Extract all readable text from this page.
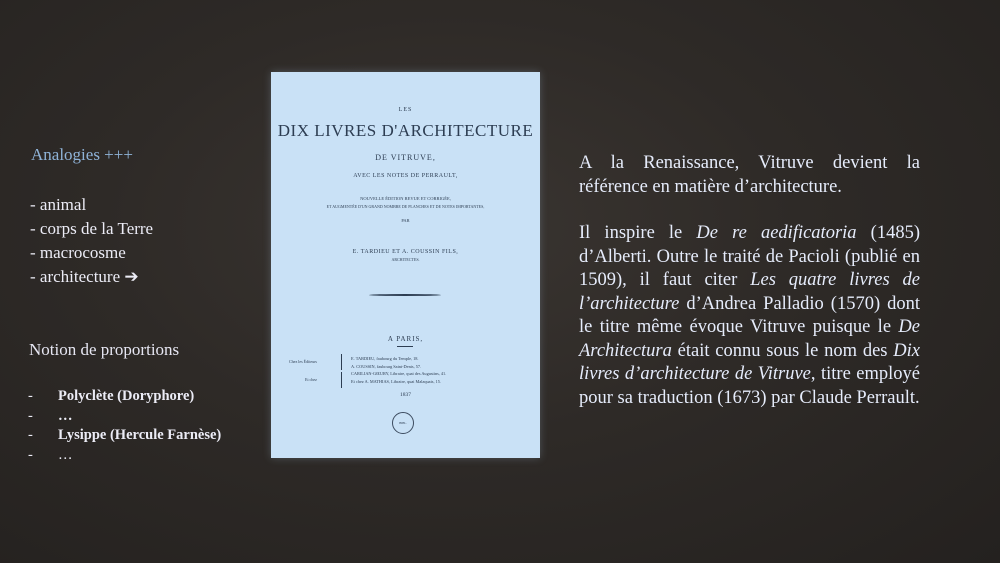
Analogies +++
- animal
- corps de la Terre
- macrocosme
- architecture ➔
Notion de proportions
-	Polyclète (Doryphore)
-	…
-	Lysippe (Hercule Farnèse)
-	…
LES
DIX LIVRES D'ARCHITECTURE
DE VITRUVE,
AVEC LES NOTES DE PERRAULT,
NOUVELLE ÉDITION REVUE ET CORRIGÉE,
ET AUGMENTÉE D'UN GRAND NOMBRE DE PLANCHES ET DE NOTES IMPORTANTES,
PAR
E. TARDIEU ET A. COUSSIN FILS,
ARCHITECTES.
A PARIS,
Chez les Éditeurs
Et chez
E. TARDIEU, faubourg du Temple, 18.
A. COUSSIN, faubourg Saint-Denis, 57.
CARILIAN-GŒURY, Libraire, quai des Augustins, 41.
Et chez A. MATHIAS, Libraire, quai Malaquais, 15.
1837
BIBL.

A la Renaissance, Vitruve devient la référence en matière d’architecture.

Il inspire le De re aedificatoria (1485) d’Alberti. Outre le traité de Pacioli (publié en 1509), il faut citer Les quatre livres de l’architecture d’Andrea Palladio (1570) dont le titre même évoque Vitruve puisque le De Architectura était connu sous le nom des Dix livres d’architecture de Vitruve, titre employé pour sa traduction (1673) par Claude Perrault.
